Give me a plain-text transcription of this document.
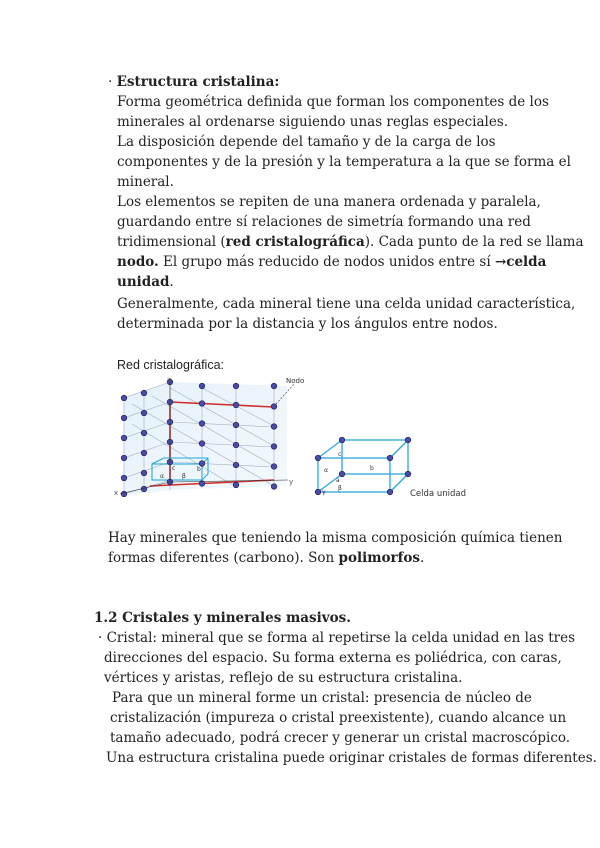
· Estructura cristalina:
Forma geométrica definida que forman los componentes de los
minerales al ordenarse siguiendo unas reglas especiales.
La disposición depende del tamaño y de la carga de los
componentes y de la presión y la temperatura a la que se forma el
mineral.
Los elementos se repiten de una manera ordenada y paralela,
guardando entre sí relaciones de simetría formando una red
tridimensional (red cristalográfica). Cada punto de la red se llama
nodo. El grupo más reducido de nodos unidos entre sí →celda
unidad.
Generalmente, cada mineral tiene una celda unidad característica,
determinada por la distancia y los ángulos entre nodos.
Red cristalográfica:
z
y
x
Nodo
α	β
b
c
c
b
a
α
β
γ	Celda unidad
Hay minerales que teniendo la misma composición química tienen
formas diferentes (carbono). Son polimorfos.
1.2 Cristales y minerales masivos.
· Cristal: mineral que se forma al repetirse la celda unidad en las tres
direcciones del espacio. Su forma externa es poliédrica, con caras,
vértices y aristas, reflejo de su estructura cristalina.
Para que un mineral forme un cristal: presencia de núcleo de
cristalización (impureza o cristal preexistente), cuando alcance un
tamaño adecuado, podrá crecer y generar un cristal macroscópico.
Una estructura cristalina puede originar cristales de formas diferentes.
